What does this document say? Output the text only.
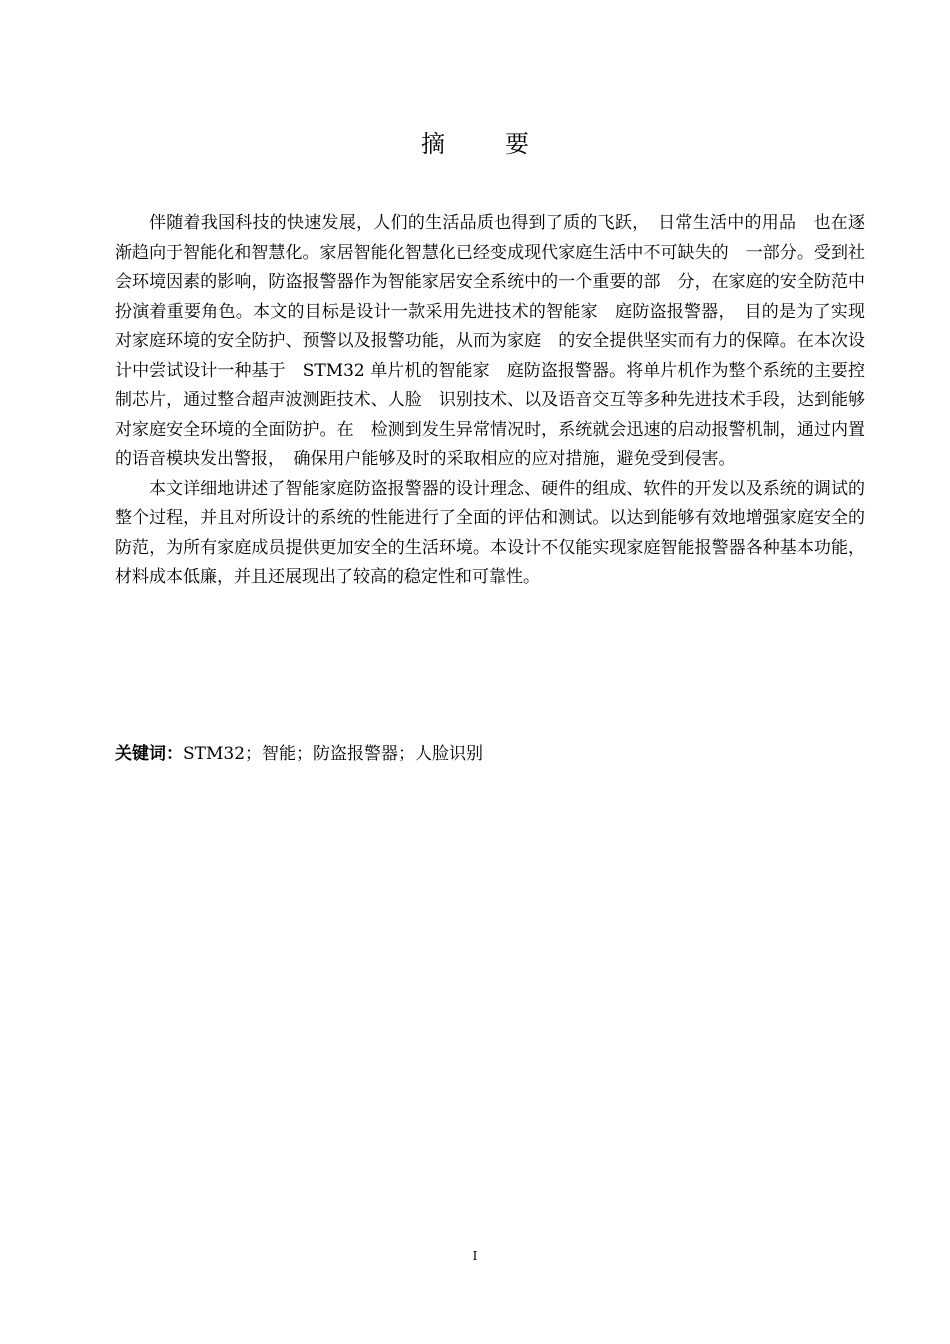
摘　要

伴随着我国科技的快速发展，人们的生活品质也得到了质的飞跃，　日常生活中的用品　也在逐渐趋向于智能化和智慧化。家居智能化智慧化已经变成现代家庭生活中不可缺失的　一部分。受到社会环境因素的影响，防盗报警器作为智能家居安全系统中的一个重要的部　分，在家庭的安全防范中扮演着重要角色。本文的目标是设计一款采用先进技术的智能家　庭防盗报警器，　目的是为了实现对家庭环境的安全防护、预警以及报警功能，从而为家庭　的安全提供坚实而有力的保障。在本次设计中尝试设计一种基于　STM32 单片机的智能家　庭防盗报警器。将单片机作为整个系统的主要控制芯片，通过整合超声波测距技术、人脸　识别技术、以及语音交互等多种先进技术手段，达到能够对家庭安全环境的全面防护。在　检测到发生异常情况时，系统就会迅速的启动报警机制，通过内置的语音模块发出警报，　确保用户能够及时的采取相应的应对措施，避免受到侵害。

本文详细地讲述了智能家庭防盗报警器的设计理念、硬件的组成、软件的开发以及系统的调试的整个过程，并且对所设计的系统的性能进行了全面的评估和测试。以达到能够有效地增强家庭安全的防范，为所有家庭成员提供更加安全的生活环境。本设计不仅能实现家庭智能报警器各种基本功能，材料成本低廉，并且还展现出了较高的稳定性和可靠性。

关键词：STM32；智能；防盗报警器；人脸识别
I
